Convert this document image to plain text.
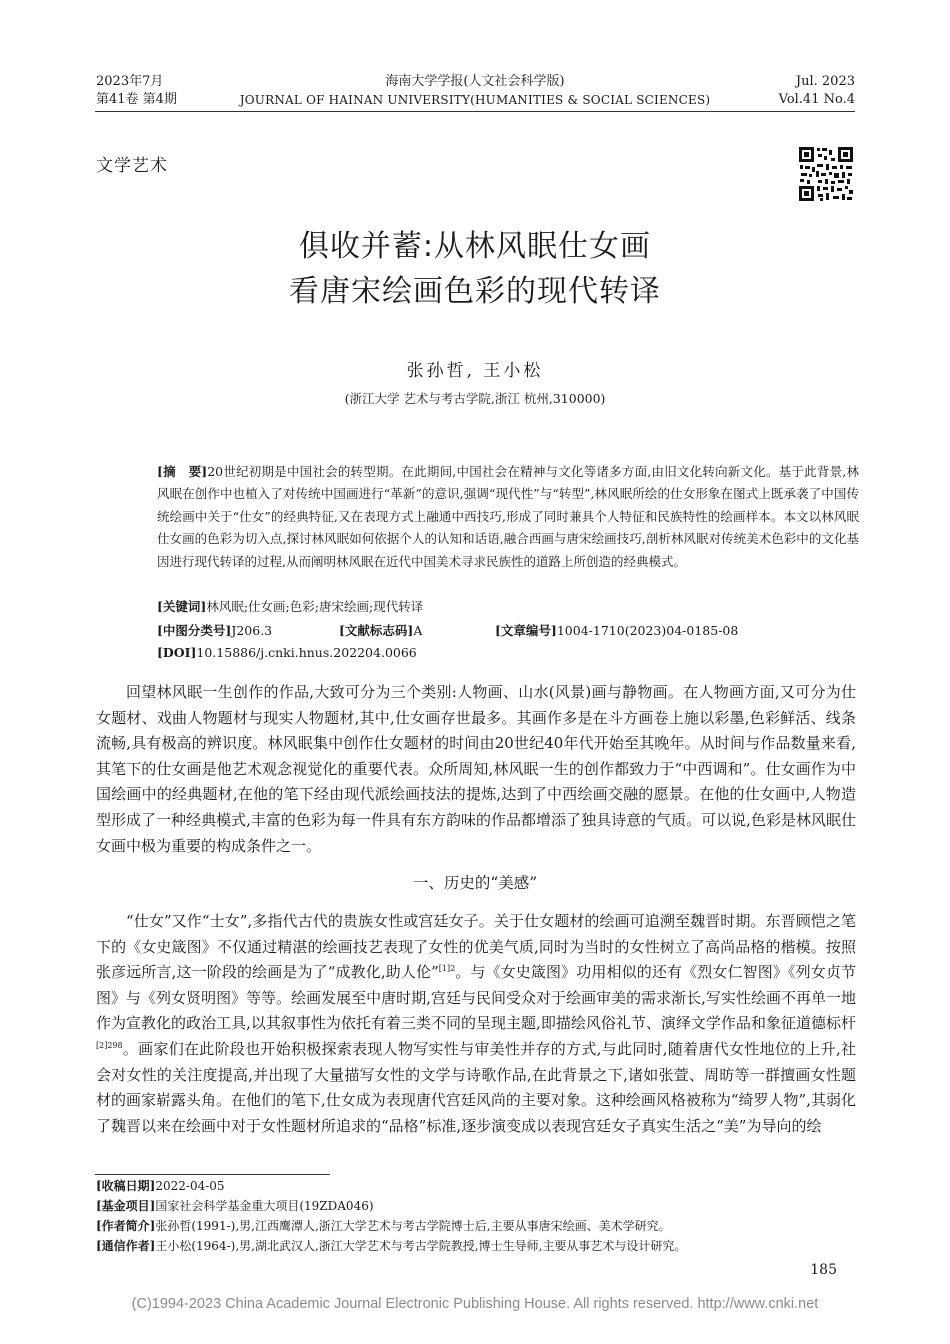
2023年7月
第41卷 第4期
海南大学学报(人文社会科学版)
JOURNAL OF HAINAN UNIVERSITY(HUMANITIES & SOCIAL SCIENCES)
Jul. 2023
Vol.41 No.4
文学艺术
俱收并蓄:从林风眠仕女画
看唐宋绘画色彩的现代转译
张孙哲, 王小松
(浙江大学 艺术与考古学院,浙江 杭州,310000)
[摘　要]20世纪初期是中国社会的转型期。在此期间,中国社会在精神与文化等诸多方面,由旧文化转向新文化。基于此背景,林风眠在创作中也植入了对传统中国画进行“革新”的意识,强调“现代性”与“转型”,林风眠所绘的仕女形象在图式上既承袭了中国传统绘画中关于“仕女”的经典特征,又在表现方式上融通中西技巧,形成了同时兼具个人特征和民族特性的绘画样本。本文以林风眠仕女画的色彩为切入点,探讨林风眠如何依据个人的认知和话语,融合西画与唐宋绘画技巧,剖析林风眠对传统美术色彩中的文化基因进行现代转译的过程,从而阐明林风眠在近代中国美术寻求民族性的道路上所创造的经典模式。
[关键词]林风眠;仕女画;色彩;唐宋绘画;现代转译
[中图分类号]J206.3	[文献标志码]A	[文章编号]1004-1710(2023)04-0185-08
[DOI]10.15886/j.cnki.hnus.202204.0066
回望林风眠一生创作的作品,大致可分为三个类别:人物画、山水(风景)画与静物画。在人物画方面,又可分为仕女题材、戏曲人物题材与现实人物题材,其中,仕女画存世最多。其画作多是在斗方画卷上施以彩墨,色彩鲜活、线条流畅,具有极高的辨识度。林风眠集中创作仕女题材的时间由20世纪40年代开始至其晚年。从时间与作品数量来看,其笔下的仕女画是他艺术观念视觉化的重要代表。众所周知,林风眠一生的创作都致力于“中西调和”。仕女画作为中国绘画中的经典题材,在他的笔下经由现代派绘画技法的提炼,达到了中西绘画交融的愿景。在他的仕女画中,人物造型形成了一种经典模式,丰富的色彩为每一件具有东方韵味的作品都增添了独具诗意的气质。可以说,色彩是林风眠仕女画中极为重要的构成条件之一。
一、历史的“美感”
“仕女”又作“士女”,多指代古代的贵族女性或宫廷女子。关于仕女题材的绘画可追溯至魏晋时期。东晋顾恺之笔下的《女史箴图》不仅通过精湛的绘画技艺表现了女性的优美气质,同时为当时的女性树立了高尚品格的楷模。按照张彦远所言,这一阶段的绘画是为了“成教化,助人伦”$^{[1]2}$。与《女史箴图》功用相似的还有《烈女仁智图》《列女贞节图》与《列女贤明图》等等。绘画发展至中唐时期,宫廷与民间受众对于绘画审美的需求渐长,写实性绘画不再单一地作为宣教化的政治工具,以其叙事性为依托有着三类不同的呈现主题,即描绘风俗礼节、演绎文学作品和象征道德标杆$^{[2]298}$。画家们在此阶段也开始积极探索表现人物写实性与审美性并存的方式,与此同时,随着唐代女性地位的上升,社会对女性的关注度提高,并出现了大量描写女性的文学与诗歌作品,在此背景之下,诸如张萱、周昉等一群擅画女性题材的画家崭露头角。在他们的笔下,仕女成为表现唐代宫廷风尚的主要对象。这种绘画风格被称为“绮罗人物”,其弱化了魏晋以来在绘画中对于女性题材所追求的“品格”标准,逐步演变成以表现宫廷女子真实生活之“美”为导向的绘
[收稿日期]2022-04-05
[基金项目]国家社会科学基金重大项目(19ZDA046)
[作者简介]张孙哲(1991-),男,江西鹰潭人,浙江大学艺术与考古学院博士后,主要从事唐宋绘画、美术学研究。
[通信作者]王小松(1964-),男,湖北武汉人,浙江大学艺术与考古学院教授,博士生导师,主要从事艺术与设计研究。
185
(C)1994-2023 China Academic Journal Electronic Publishing House. All rights reserved. http://www.cnki.net
